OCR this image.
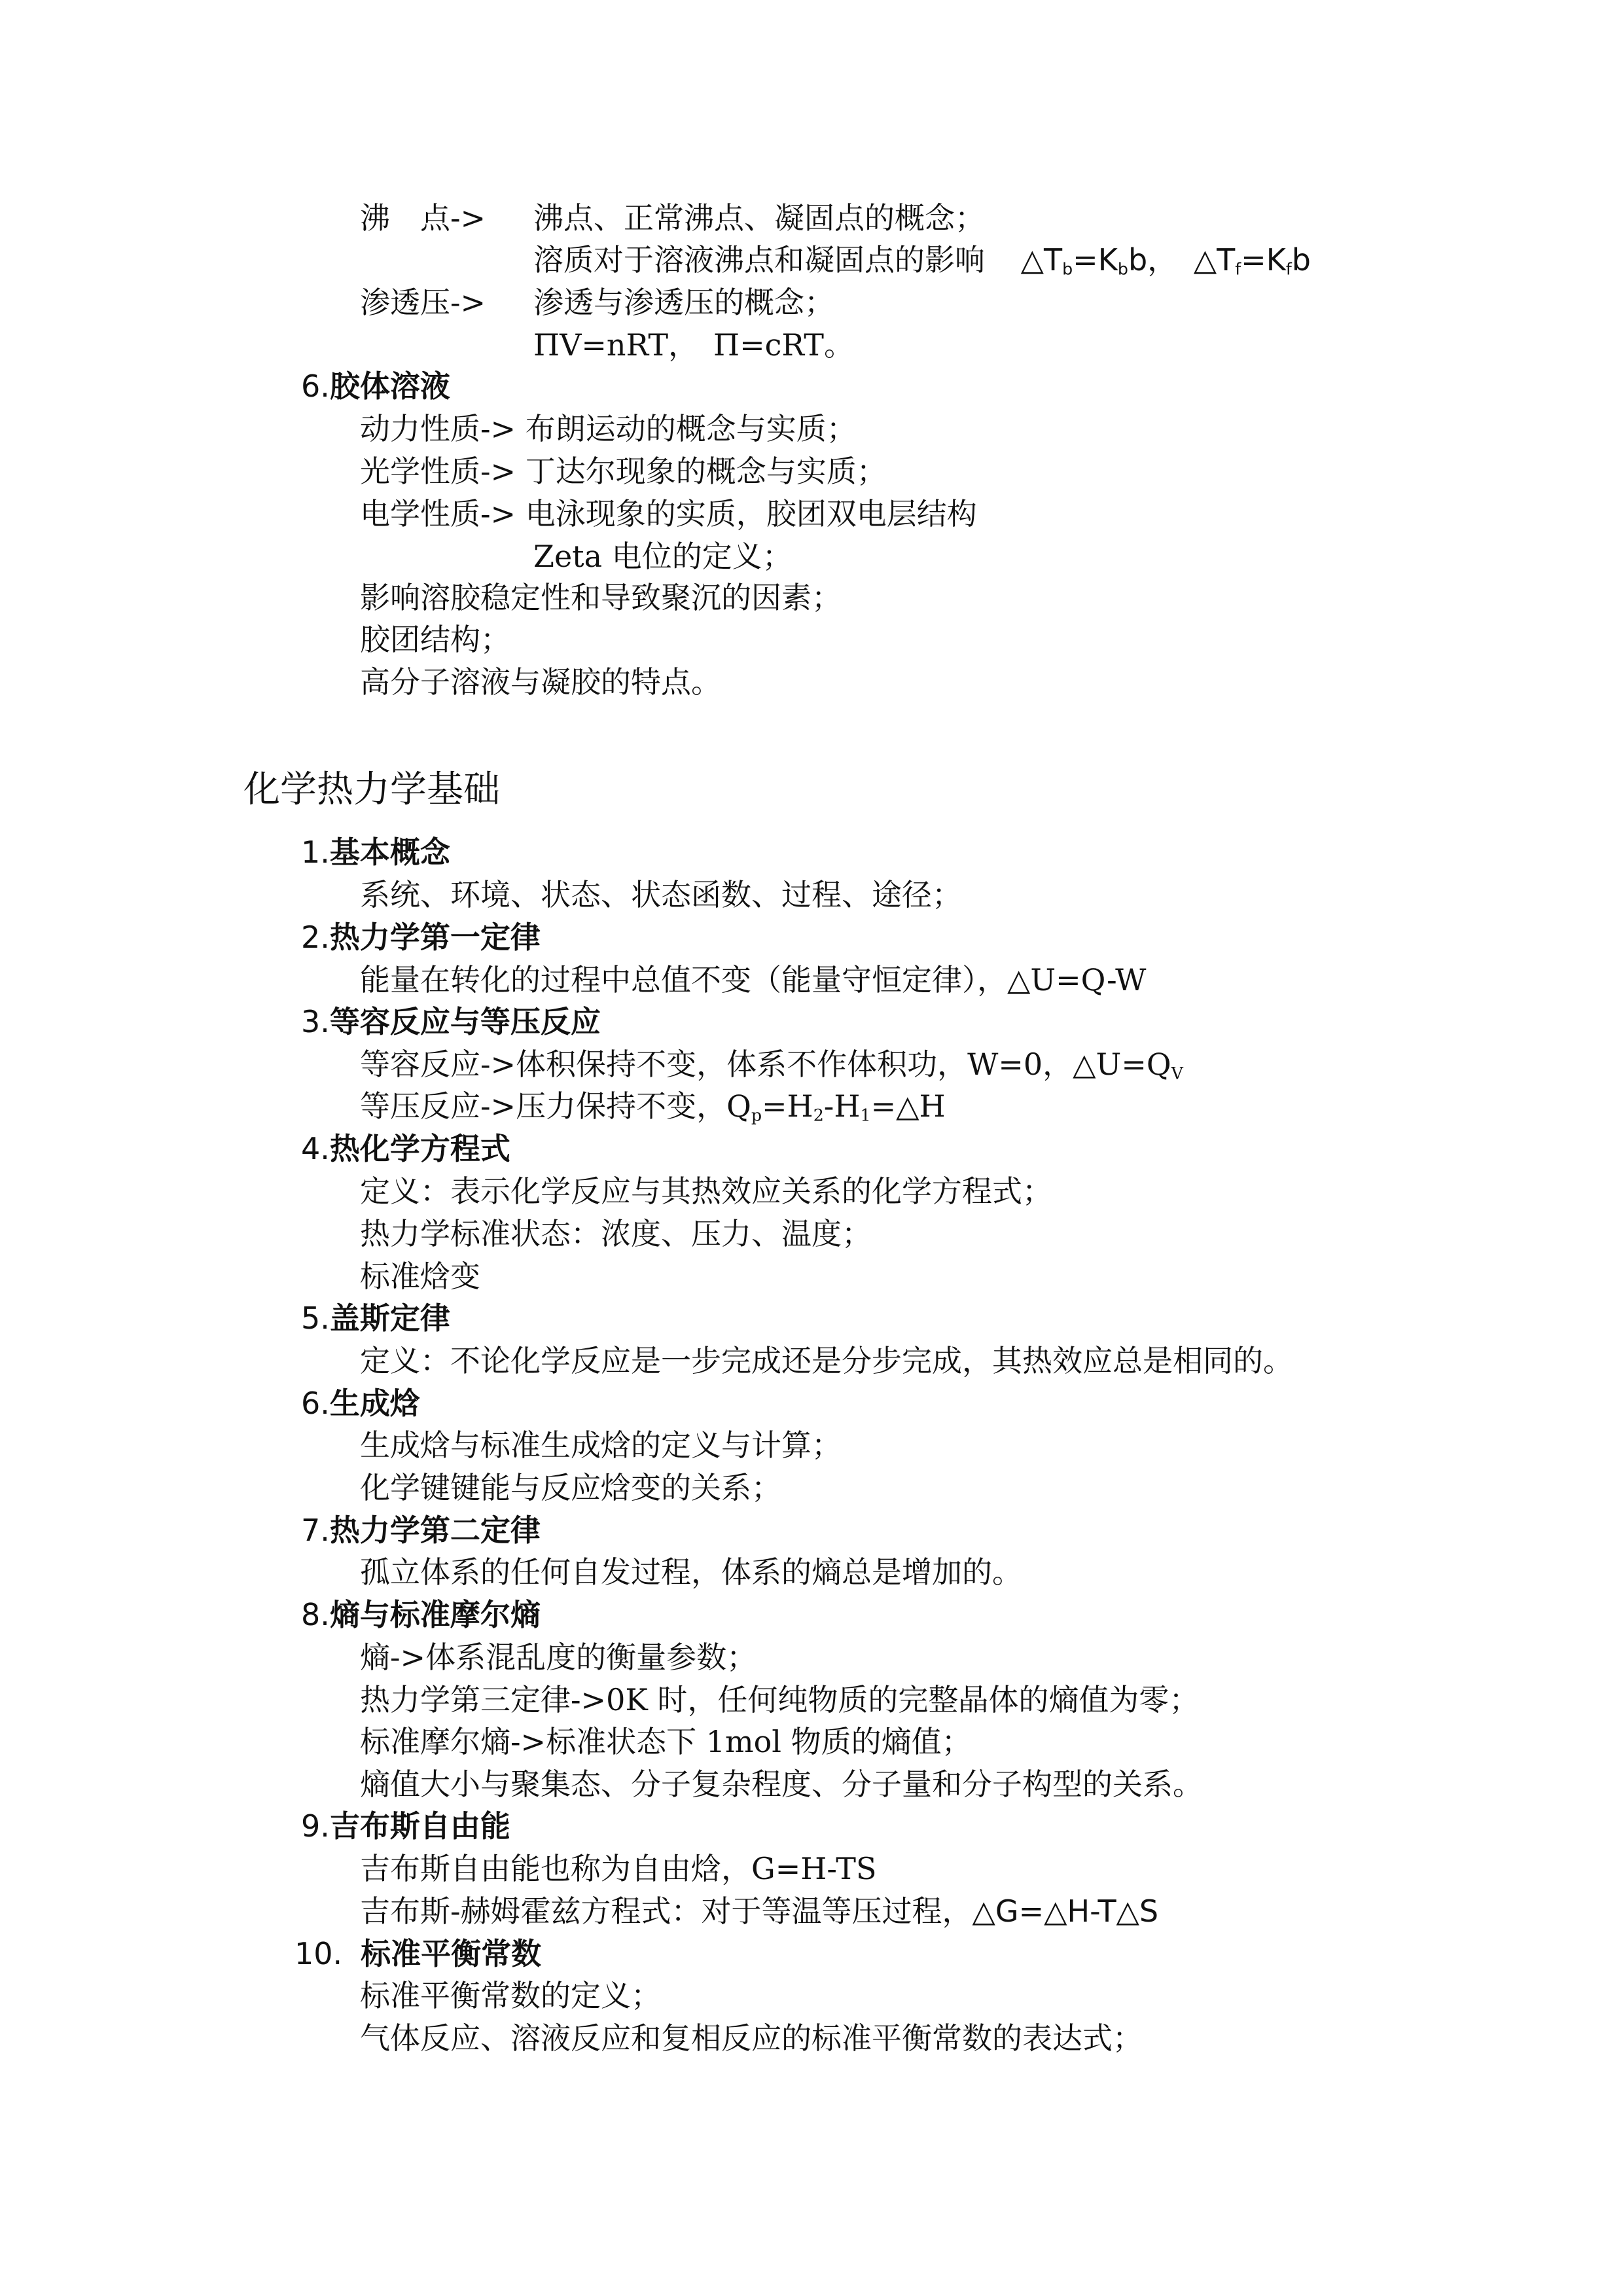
沸　点-> 沸点、正常沸点、凝固点的概念；
溶质对于溶液沸点和凝固点的影响 $\triangle T_b=K_bb$， $\triangle T_f=K_fb$
渗透压-> 渗透与渗透压的概念；
ΠV=nRT，　Π=cRT。
6.胶体溶液
动力性质-> 布朗运动的概念与实质；
光学性质-> 丁达尔现象的概念与实质；
电学性质-> 电泳现象的实质，胶团双电层结构
Zeta 电位的定义；
影响溶胶稳定性和导致聚沉的因素；
胶团结构；
高分子溶液与凝胶的特点。
化学热力学基础
1.基本概念
系统、环境、状态、状态函数、过程、途径；
2.热力学第一定律
能量在转化的过程中总值不变（能量守恒定律），△U=Q-W
3.等容反应与等压反应
等容反应->体积保持不变，体系不作体积功，W=0，$\triangle U=Q_V$
等压反应->压力保持不变，$Q_p=H_2-H_1=\triangle H$
4.热化学方程式
定义：表示化学反应与其热效应关系的化学方程式；
热力学标准状态：浓度、压力、温度；
标准焓变
5.盖斯定律
定义：不论化学反应是一步完成还是分步完成，其热效应总是相同的。
6.生成焓
生成焓与标准生成焓的定义与计算；
化学键键能与反应焓变的关系；
7.热力学第二定律
孤立体系的任何自发过程，体系的熵总是增加的。
8.熵与标准摩尔熵
熵->体系混乱度的衡量参数；
热力学第三定律->0K 时，任何纯物质的完整晶体的熵值为零；
标准摩尔熵->标准状态下 1mol 物质的熵值；
熵值大小与聚集态、分子复杂程度、分子量和分子构型的关系。
9.吉布斯自由能
吉布斯自由能也称为自由焓，G=H-TS
吉布斯-赫姆霍兹方程式：对于等温等压过程，△G=△H-T△S
10. 标准平衡常数
标准平衡常数的定义；
气体反应、溶液反应和复相反应的标准平衡常数的表达式；
